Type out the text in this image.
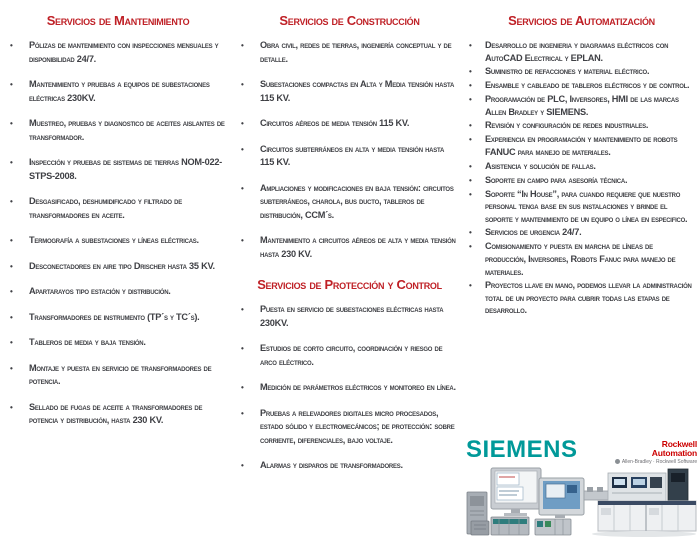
Servicios de Mantenimiento
•	Pólizas de mantenimiento con inspecciones mensuales y disponibilidad 24/7.
•	Mantenimiento y pruebas a equipos de subestaciones eléctricas 230KV.
•	Muestreo, pruebas y diagnostico de aceites aislantes de transformador.
•	Inspección y pruebas de sistemas de tierras NOM-022-STPS-2008.
•	Desgasificado, deshumidificado y filtrado de transformadores en aceite.
•	Termografía a subestaciones y líneas eléctricas.
•	Desconectadores en aire tipo Drischer hasta 35 KV.
•	Apartarayos tipo estación y distribución.
•	Transformadores de instrumento (TP´s y TC´s).
•	Tableros de media y baja tensión.
•	Montaje y puesta en servicio de transformadores de potencia.
•	Sellado de fugas de aceite a transformadores de potencia y distribución, hasta 230 KV.
Servicios de Construcción
•	Obra civil, redes de tierras, ingeniería conceptual y de detalle.
•	Subestaciones compactas en Alta y Media tensión hasta 115 KV.
•	Circuitos aéreos de media tensión 115 KV.
•	Circuitos subterráneos en alta y media tensión hasta 115 KV.
•	Ampliaciones y modificaciones en baja tensión: circuitos subterráneos, charola, bus ducto, tableros de distribución, CCM´s.
•	Mantenimiento a circuitos aéreos de alta y media tensión hasta 230 KV.
Servicios de Protección y Control
•	Puesta en servicio de subestaciones eléctricas hasta 230KV.
•	Estudios de corto circuito, coordinación y riesgo de arco eléctrico.
•	Medición de parámetros eléctricos y monitoreo en línea.
•	Pruebas a relevadores digitales micro procesados, estado sólido y electromecánicos; de protección: sobre corriente, diferenciales, bajo voltaje.
•	Alarmas y disparos de transformadores.
Servicios de Automatización
•	Desarrollo de ingenieria y diagramas eléctricos con AutoCAD Electrical y EPLAN.
•	Suministro de refacciones y material eléctrico.
•	Ensamble y cableado de tableros eléctricos y de control.
•	Programación de PLC, Inversores, HMI de las marcas Allen Bradley y SIEMENS.
•	Revisión y configuración de redes industriales.
•	Experiencia en programación y mantenimiento de robots FANUC para manejo de materiales.
•	Asistencia y solución de fallas.
•	Soporte en campo para asesoría técnica.
•	Soporte “In House”, para cuando requiere que nuestro personal tenga base en sus instalaciones y brinde el soporte y mantenimiento de un equipo o línea en especifico.
•	Servicios de urgencia 24/7.
•	Comisionamiento y puesta en marcha de líneas de producción, Inversores, Robots Fanuc para manejo de materiales.
•	Proyectos llave en mano, podemos llevar la administración total de un proyecto para cubrir todas las etapas de desarrollo.
SIEMENS	Rockwell
Automation
Allen-Bradley · Rockwell Software
